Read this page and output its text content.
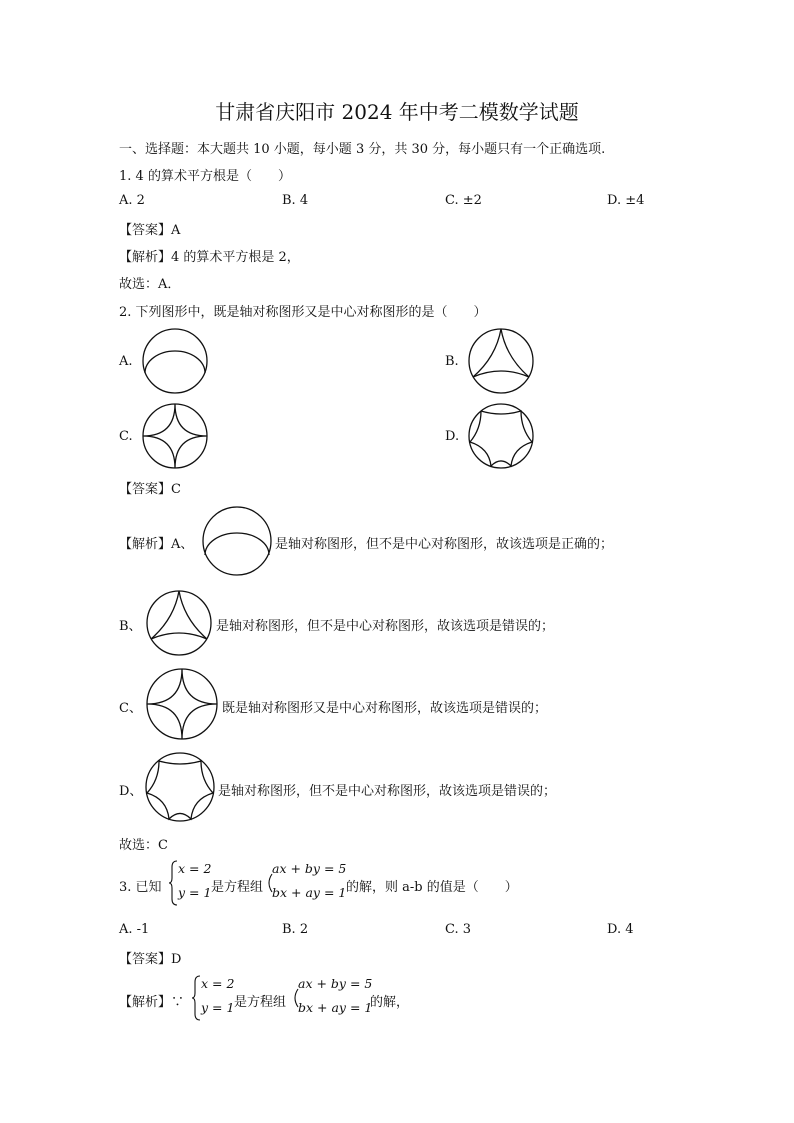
甘肃省庆阳市 2024 年中考二模数学试题
一、选择题：本大题共 10 小题，每小题 3 分，共 30 分，每小题只有一个正确选项.
1. 4 的算术平方根是（　　）
A. 2	B. 4	C. ±2	D. ±4
【答案】A
【解析】4 的算术平方根是 2，
故选：A．
2. 下列图形中，既是轴对称图形又是中心对称图形的是（　　）
A.	B.
C.	D.
【答案】C
【解析】A、	是轴对称图形，但不是中心对称图形，故该选项是正确的；
B、	是轴对称图形，但不是中心对称图形，故该选项是错误的；
C、	既是轴对称图形又是中心对称图形，故该选项是错误的；
D、	是轴对称图形，但不是中心对称图形，故该选项是错误的；
故选：C
3. 已知
x = 2
y = 1 是方程组
ax + by = 5
bx + ay = 1 的解，则 a-b 的值是（　　）
A. -1	B. 2	C. 3	D. 4
【答案】D
【解析】∵
x = 2
y = 1 是方程组
ax + by = 5
bx + ay = 1
的解，
